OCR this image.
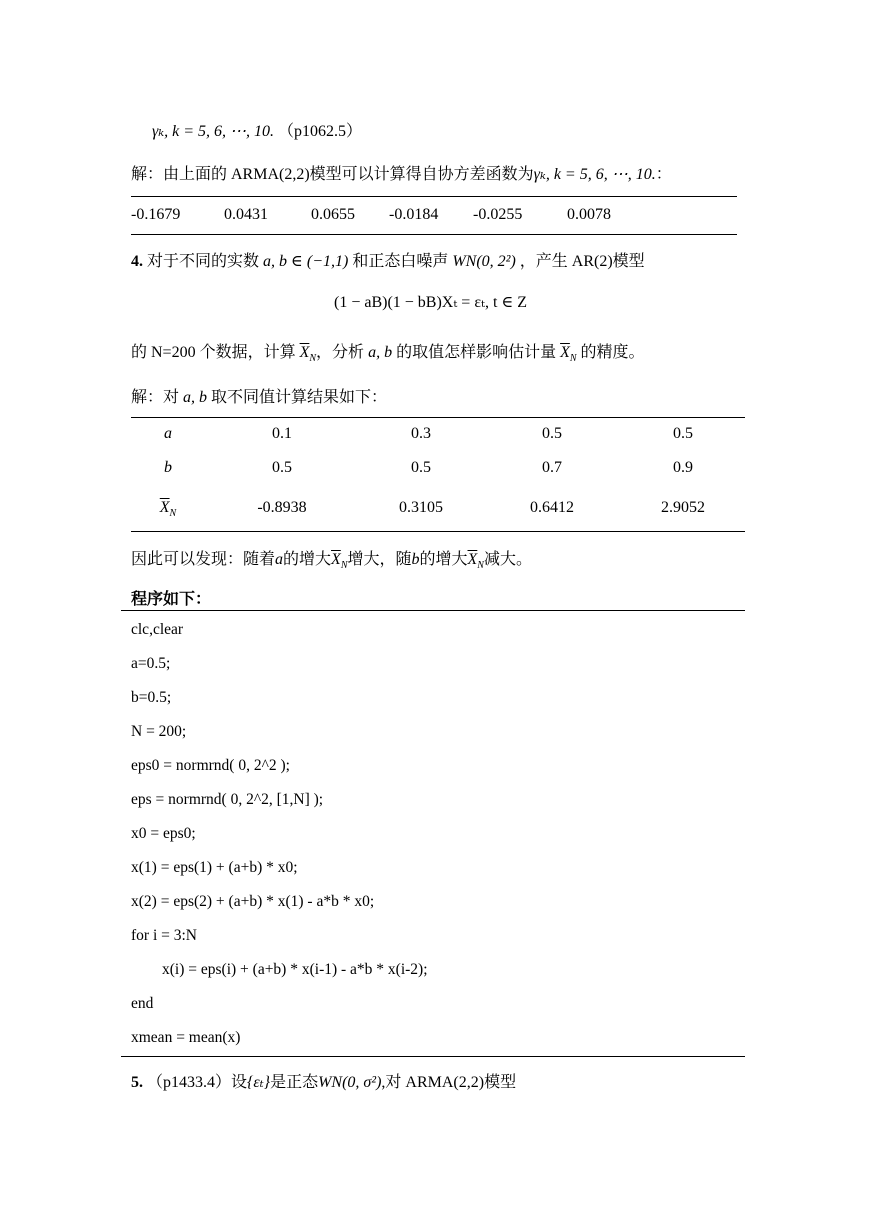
γₖ, k = 5, 6, ⋯, 10. （p1062.5）
解：由上面的 ARMA(2,2)模型可以计算得自协方差函数为γₖ, k = 5, 6, ⋯, 10.：
-0.1679	0.0431	0.0655 -0.0184 -0.0255	0.0078
4. 对于不同的实数 a, b ∈ (−1,1) 和正态白噪声 WN(0, 2²) ，产生 AR(2)模型
(1 − aB)(1 − bB)Xₜ = εₜ, t ∈ Z
的 N=200 个数据，计算 $\overline{X}_N$，分析 a, b 的取值怎样影响估计量 $\overline{X}_N$ 的精度。
解：对 a, b 取不同值计算结果如下：
a	0.1	0.3	0.5	0.5
b	0.5	0.5	0.7	0.9
$\overline{X}_N$	-0.8938	0.3105	0.6412	2.9052
因此可以发现：随着a的增大$\overline{X}_N$增大，随b的增大$\overline{X}_N$减大。
程序如下：
clc,clear
a=0.5;
b=0.5;
N = 200;
eps0 = normrnd( 0, 2^2 );
eps = normrnd( 0, 2^2, [1,N] );
x0 = eps0;
x(1) = eps(1) + (a+b) * x0;
x(2) = eps(2) + (a+b) * x(1) - a*b * x0;
for i = 3:N
x(i) = eps(i) + (a+b) * x(i-1) - a*b * x(i-2);
end
xmean = mean(x)
5. （p1433.4）设{εₜ}是正态WN(0, σ²),对 ARMA(2,2)模型
